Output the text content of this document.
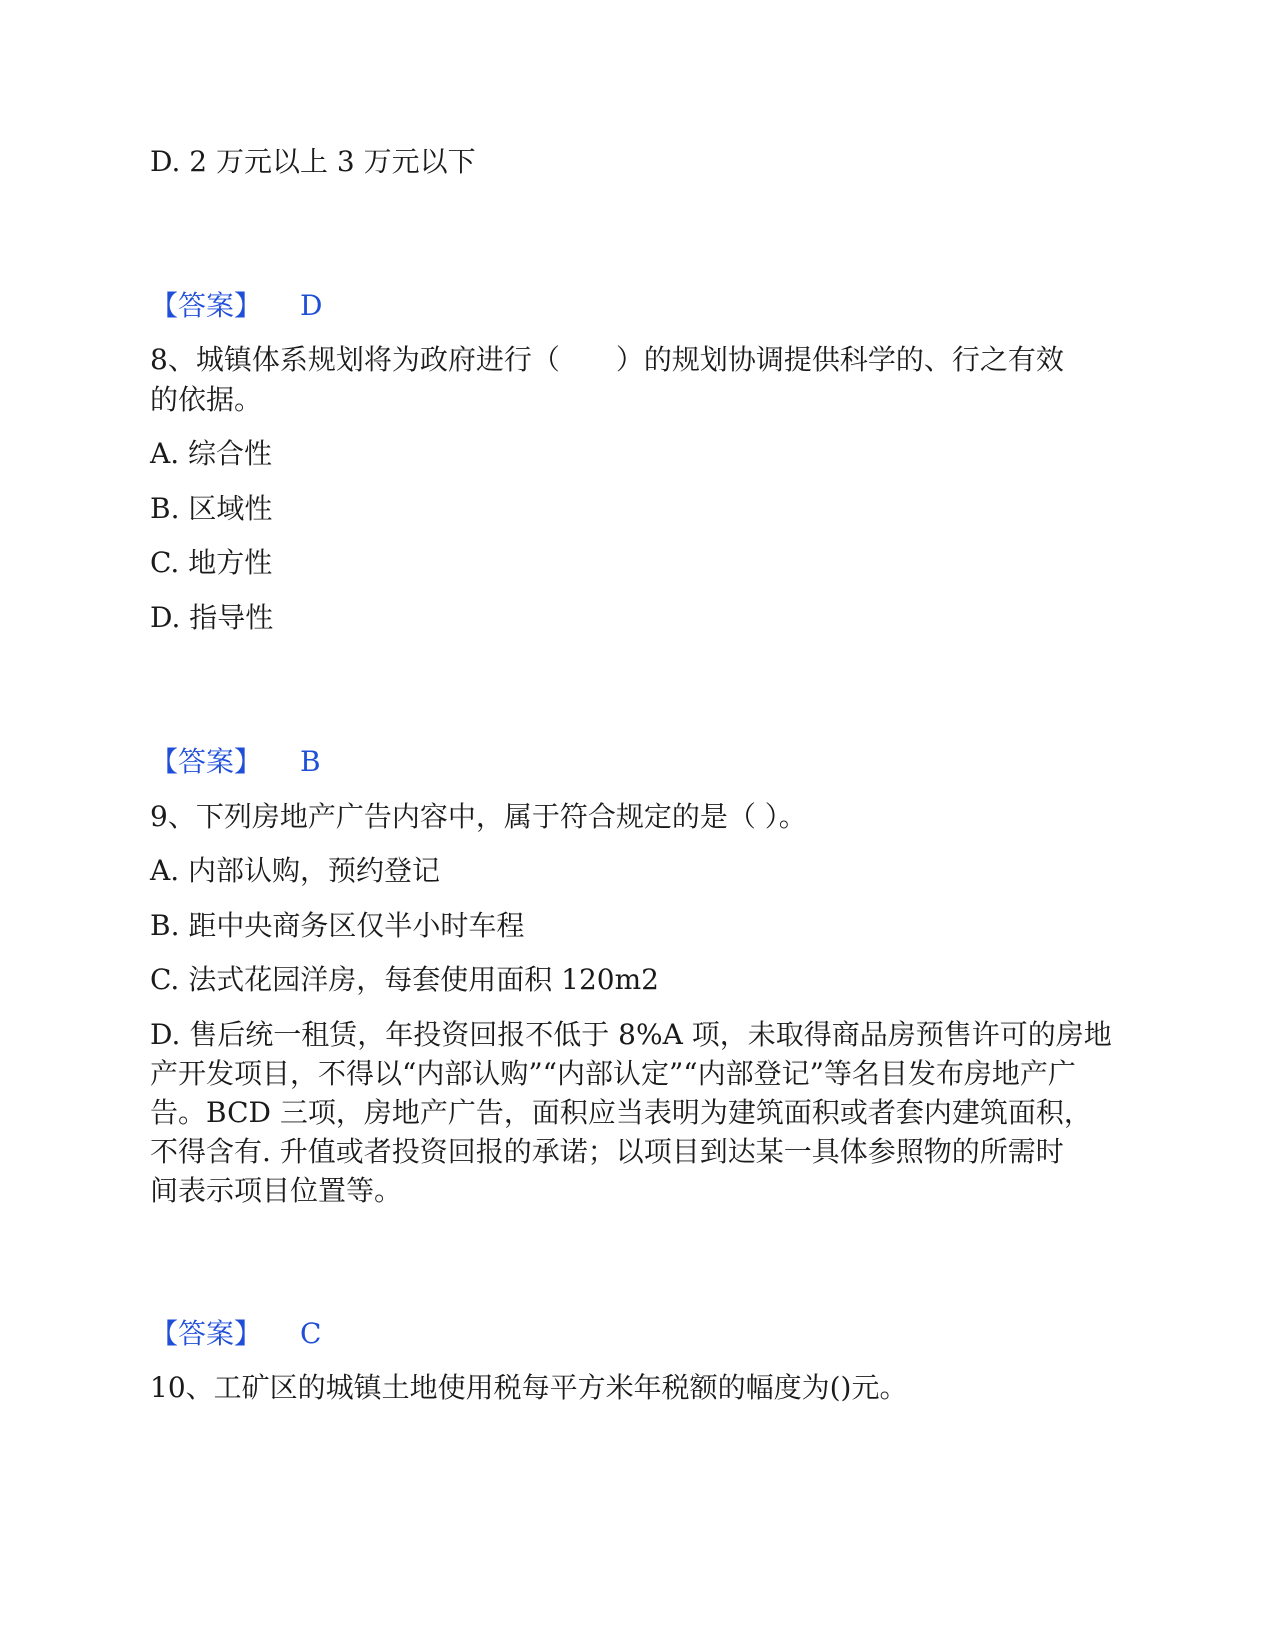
D. 2 万元以上 3 万元以下
【答案】 D
8、城镇体系规划将为政府进行（　　）的规划协调提供科学的、行之有效
的依据。
A. 综合性
B. 区域性
C. 地方性
D. 指导性
【答案】 B
9、下列房地产广告内容中，属于符合规定的是（ ）。
A. 内部认购，预约登记
B. 距中央商务区仅半小时车程
C. 法式花园洋房，每套使用面积 120m2
D. 售后统一租赁，年投资回报不低于 8%A 项，未取得商品房预售许可的房地
产开发项目，不得以“内部认购”“内部认定”“内部登记”等名目发布房地产广
告。BCD 三项，房地产广告，面积应当表明为建筑面积或者套内建筑面积，
不得含有. 升值或者投资回报的承诺；以项目到达某一具体参照物的所需时
间表示项目位置等。
【答案】 C
10、工矿区的城镇土地使用税每平方米年税额的幅度为()元。
